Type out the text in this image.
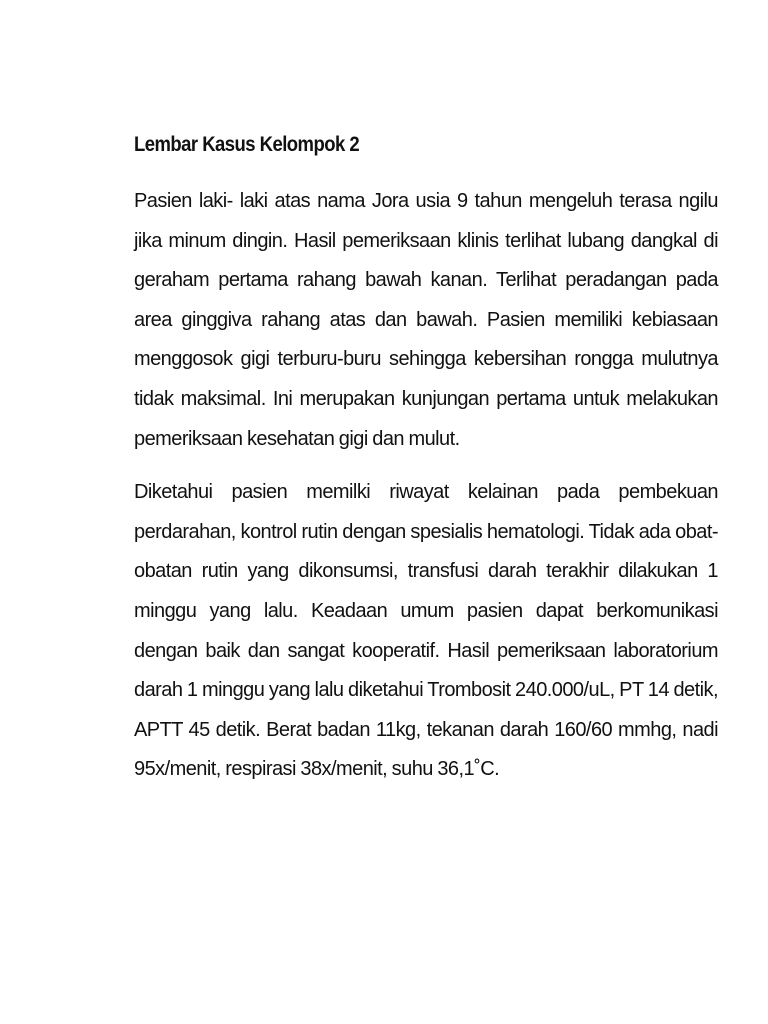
Lembar Kasus Kelompok 2

Pasien laki- laki atas nama Jora usia 9 tahun mengeluh terasa ngilu jika minum dingin. Hasil pemeriksaan klinis terlihat lubang dangkal di geraham pertama rahang bawah kanan. Terlihat peradangan pada area ginggiva rahang atas dan bawah. Pasien memiliki kebiasaan menggosok gigi terburu-buru sehingga kebersihan rongga mulutnya tidak maksimal. Ini merupakan kunjungan pertama untuk melakukan pemeriksaan kesehatan gigi dan mulut.

Diketahui pasien memilki riwayat kelainan pada pembekuan perdarahan, kontrol rutin dengan spesialis hematologi. Tidak ada obat-obatan rutin yang dikonsumsi, transfusi darah terakhir dilakukan 1 minggu yang lalu. Keadaan umum pasien dapat berkomunikasi dengan baik dan sangat kooperatif. Hasil pemeriksaan laboratorium darah 1 minggu yang lalu diketahui Trombosit 240.000/uL, PT 14 detik, APTT 45 detik. Berat badan 11kg, tekanan darah 160/60 mmhg, nadi 95x/menit, respirasi 38x/menit, suhu 36,1˚C.
